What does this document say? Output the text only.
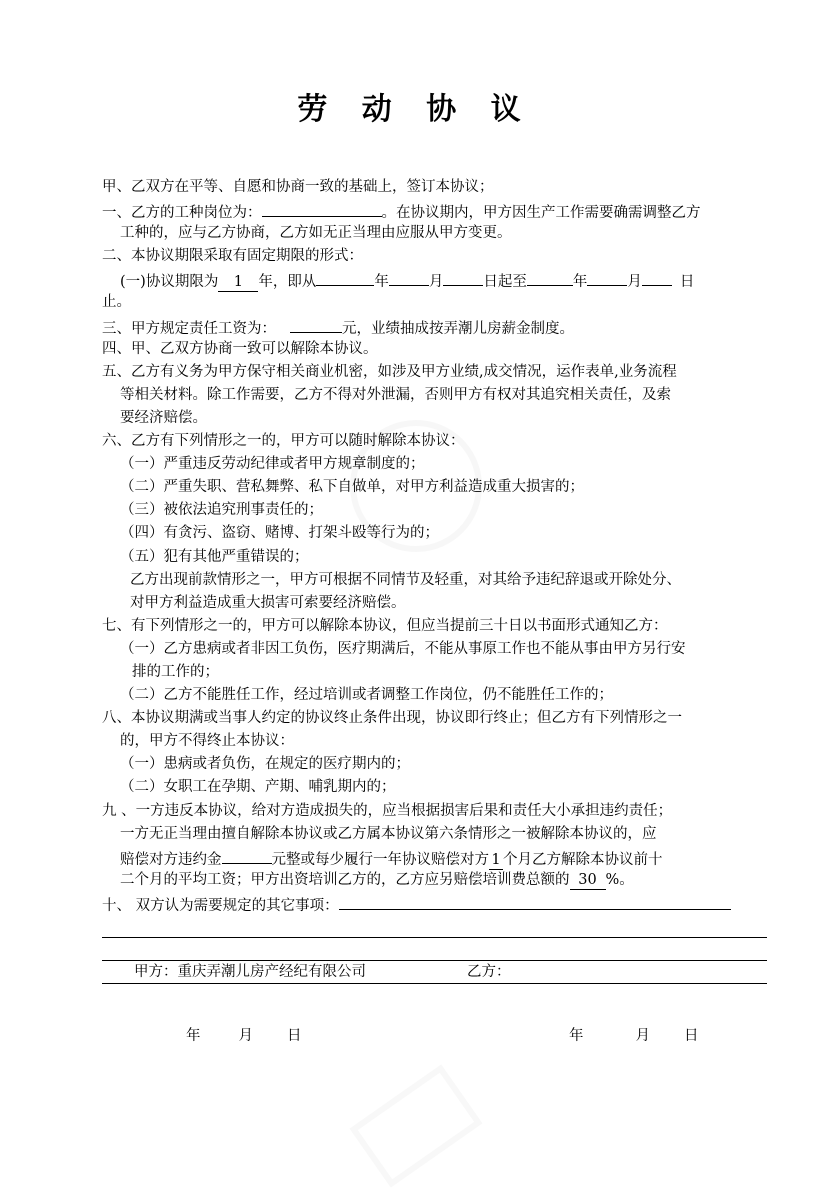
劳 动 协 议
甲、乙双方在平等、自愿和协商一致的基础上，签订本协议；
一、乙方的工种岗位为：	。在协议期内，甲方因生产工作需要确需调整乙方
工种的，应与乙方协商，乙方如无正当理由应服从甲方变更。
二、本协议期限采取有固定期限的形式：
(一)协议期限为 1 年，即从	年	月	日起至	年	月	日
止。
三、甲方规定责任工资为：	元，业绩抽成按弄潮儿房薪金制度。
四、甲、乙双方协商一致可以解除本协议。
五、乙方有义务为甲方保守相关商业机密，如涉及甲方业绩,成交情况，运作表单,业务流程
等相关材料。除工作需要，乙方不得对外泄漏，否则甲方有权对其追究相关责任，及索
要经济赔偿。
六、乙方有下列情形之一的，甲方可以随时解除本协议：
（一）严重违反劳动纪律或者甲方规章制度的；
（二）严重失职、营私舞弊、私下自做单，对甲方利益造成重大损害的；
（三）被依法追究刑事责任的；
（四）有贪污、盗窃、赌博、打架斗殴等行为的；
（五）犯有其他严重错误的；
乙方出现前款情形之一，甲方可根据不同情节及轻重，对其给予违纪辞退或开除处分、
对甲方利益造成重大损害可索要经济赔偿。
七、有下列情形之一的，甲方可以解除本协议，但应当提前三十日以书面形式通知乙方：
（一）乙方患病或者非因工负伤，医疗期满后，不能从事原工作也不能从事由甲方另行安
排的工作的；
（二）乙方不能胜任工作，经过培训或者调整工作岗位，仍不能胜任工作的；
八、本协议期满或当事人约定的协议终止条件出现，协议即行终止；但乙方有下列情形之一
的，甲方不得终止本协议：
（一）患病或者负伤，在规定的医疗期内的；
（二）女职工在孕期、产期、哺乳期内的；
九 、一方违反本协议，给对方造成损失的，应当根据损害后果和责任大小承担违约责任；
一方无正当理由擅自解除本协议或乙方属本协议第六条情形之一被解除本协议的，应
赔偿对方违约金	元整或每少履行一年协议赔偿对方 1 个月乙方解除本协议前十
二个月的平均工资；甲方出资培训乙方的，乙方应另赔偿培训费总额的 30 %。
十、 双方认为需要规定的其它事项：
甲方：重庆弄潮儿房产经纪有限公司	乙方：
年	月 日	年	月 日
